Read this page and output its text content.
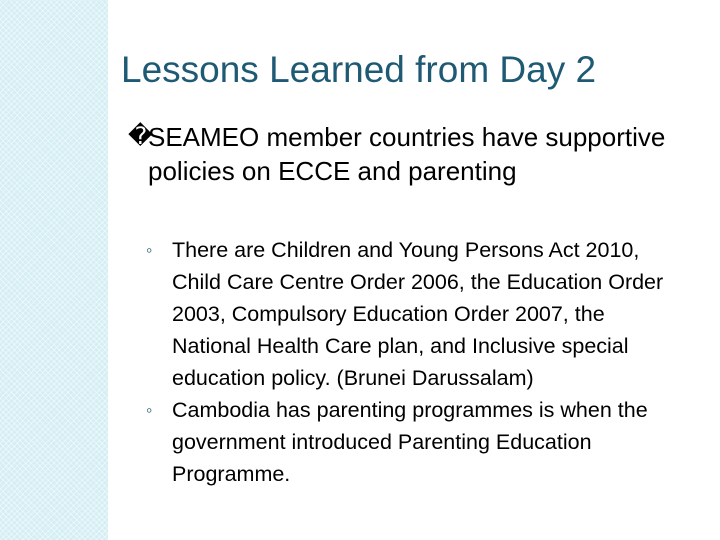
Lessons Learned from Day 2
�
SEAMEO member countries have supportive policies on ECCE and parenting
◦ There are Children and Young Persons Act 2010, Child Care Centre Order 2006, the Education Order 2003, Compulsory Education Order 2007, the National Health Care plan, and Inclusive special education policy. (Brunei Darussalam)
◦ Cambodia has parenting programmes is when the government introduced Parenting Education Programme.
